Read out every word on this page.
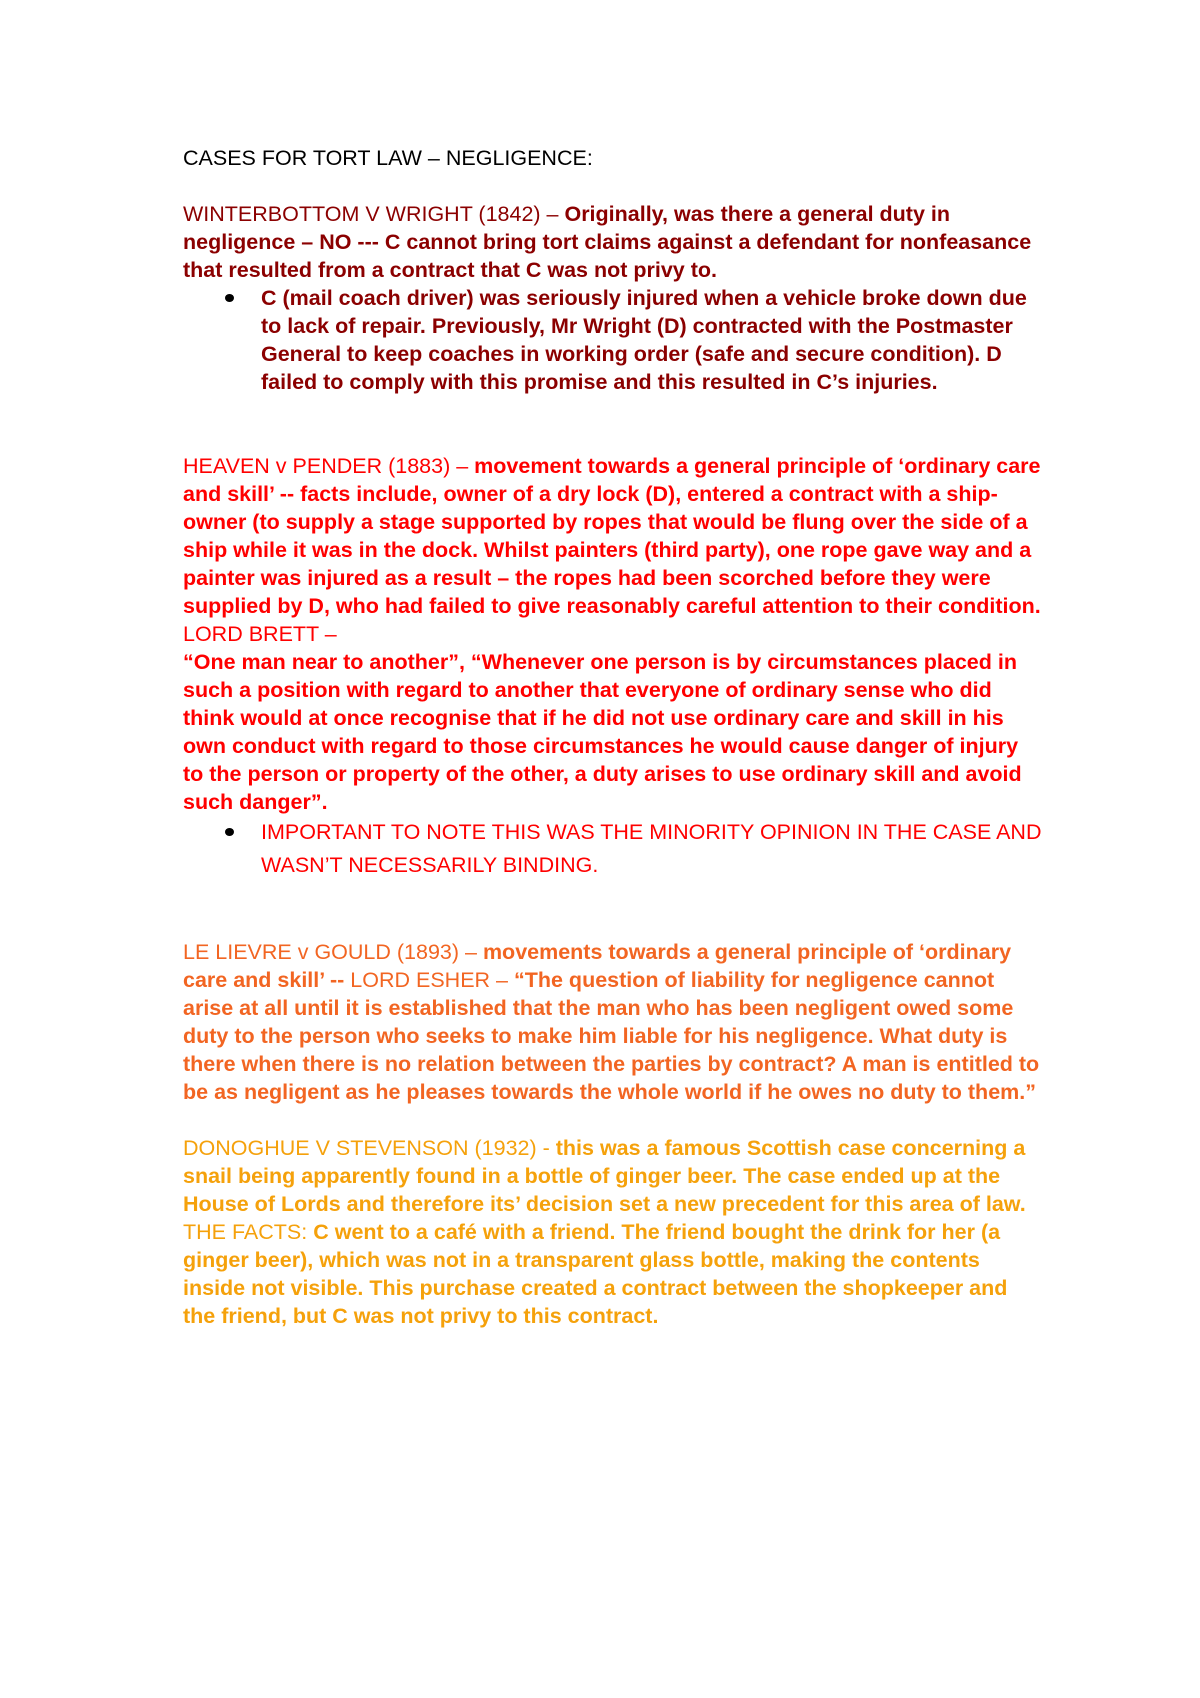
CASES FOR TORT LAW – NEGLIGENCE:

WINTERBOTTOM V WRIGHT (1842) – Originally, was there a general duty in negligence – NO --- C cannot bring tort claims against a defendant for nonfeasance that resulted from a contract that C was not privy to.

C (mail coach driver) was seriously injured when a vehicle broke down due to lack of repair. Previously, Mr Wright (D) contracted with the Postmaster General to keep coaches in working order (safe and secure condition). D failed to comply with this promise and this resulted in C’s injuries.

HEAVEN v PENDER (1883) – movement towards a general principle of ‘ordinary care and skill’ -- facts include, owner of a dry lock (D), entered a contract with a ship-owner (to supply a stage supported by ropes that would be flung over the side of a ship while it was in the dock. Whilst painters (third party), one rope gave way and a painter was injured as a result – the ropes had been scorched before they were supplied by D, who had failed to give reasonably careful attention to their condition.

LORD BRETT –

“One man near to another”, “Whenever one person is by circumstances placed in such a position with regard to another that everyone of ordinary sense who did think would at once recognise that if he did not use ordinary care and skill in his own conduct with regard to those circumstances he would cause danger of injury to the person or property of the other, a duty arises to use ordinary skill and avoid such danger”.

IMPORTANT TO NOTE THIS WAS THE MINORITY OPINION IN THE CASE AND WASN’T NECESSARILY BINDING.

LE LIEVRE v GOULD (1893) – movements towards a general principle of ‘ordinary care and skill’ -- LORD ESHER – “The question of liability for negligence cannot arise at all until it is established that the man who has been negligent owed some duty to the person who seeks to make him liable for his negligence. What duty is there when there is no relation between the parties by contract? A man is entitled to be as negligent as he pleases towards the whole world if he owes no duty to them.”

DONOGHUE V STEVENSON (1932) - this was a famous Scottish case concerning a snail being apparently found in a bottle of ginger beer. The case ended up at the House of Lords and therefore its’ decision set a new precedent for this area of law.

THE FACTS: C went to a café with a friend. The friend bought the drink for her (a ginger beer), which was not in a transparent glass bottle, making the contents inside not visible. This purchase created a contract between the shopkeeper and the friend, but C was not privy to this contract.
